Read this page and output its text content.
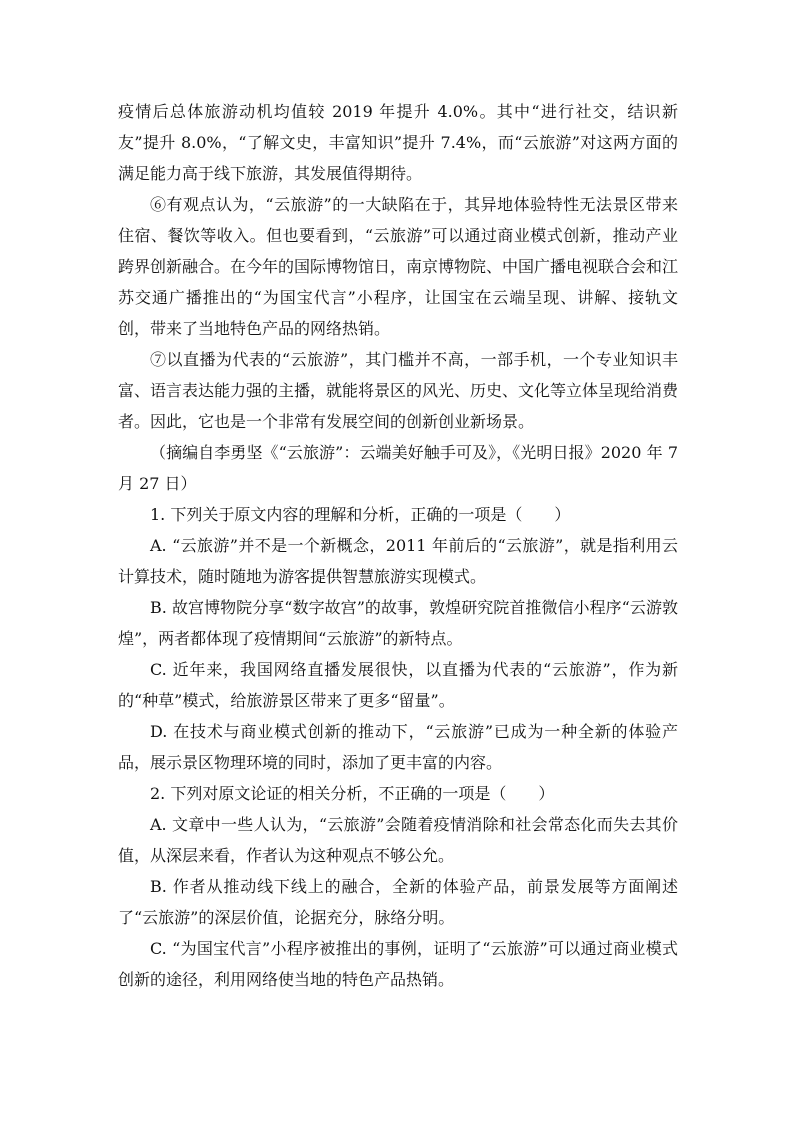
疫情后总体旅游动机均值较 2019 年提升 4.0%。其中“进行社交，结识新友”提升 8.0%，“了解文史，丰富知识”提升 7.4%，而“云旅游”对这两方面的满足能力高于线下旅游，其发展值得期待。

⑥有观点认为，“云旅游”的一大缺陷在于，其异地体验特性无法景区带来住宿、餐饮等收入。但也要看到，“云旅游”可以通过商业模式创新，推动产业跨界创新融合。在今年的国际博物馆日，南京博物院、中国广播电视联合会和江苏交通广播推出的“为国宝代言”小程序，让国宝在云端呈现、讲解、接轨文创，带来了当地特色产品的网络热销。

⑦以直播为代表的“云旅游”，其门槛并不高，一部手机，一个专业知识丰富、语言表达能力强的主播，就能将景区的风光、历史、文化等立体呈现给消费者。因此，它也是一个非常有发展空间的创新创业新场景。

（摘编自李勇坚《“云旅游”：云端美好触手可及》，《光明日报》2020 年 7 月 27 日）

1. 下列关于原文内容的理解和分析，正确的一项是（　　）

A. “云旅游”并不是一个新概念，2011 年前后的“云旅游”，就是指利用云计算技术，随时随地为游客提供智慧旅游实现模式。

B. 故宫博物院分享“数字故宫”的故事，敦煌研究院首推微信小程序“云游敦煌”，两者都体现了疫情期间“云旅游”的新特点。

C. 近年来，我国网络直播发展很快，以直播为代表的“云旅游”，作为新的“种草”模式，给旅游景区带来了更多“留量”。

D. 在技术与商业模式创新的推动下，“云旅游”已成为一种全新的体验产品，展示景区物理环境的同时，添加了更丰富的内容。

2. 下列对原文论证的相关分析，不正确的一项是（　　）

A. 文章中一些人认为，“云旅游”会随着疫情消除和社会常态化而失去其价值，从深层来看，作者认为这种观点不够公允。

B. 作者从推动线下线上的融合，全新的体验产品，前景发展等方面阐述了“云旅游”的深层价值，论据充分，脉络分明。

C. “为国宝代言”小程序被推出的事例，证明了“云旅游”可以通过商业模式创新的途径，利用网络使当地的特色产品热销。
